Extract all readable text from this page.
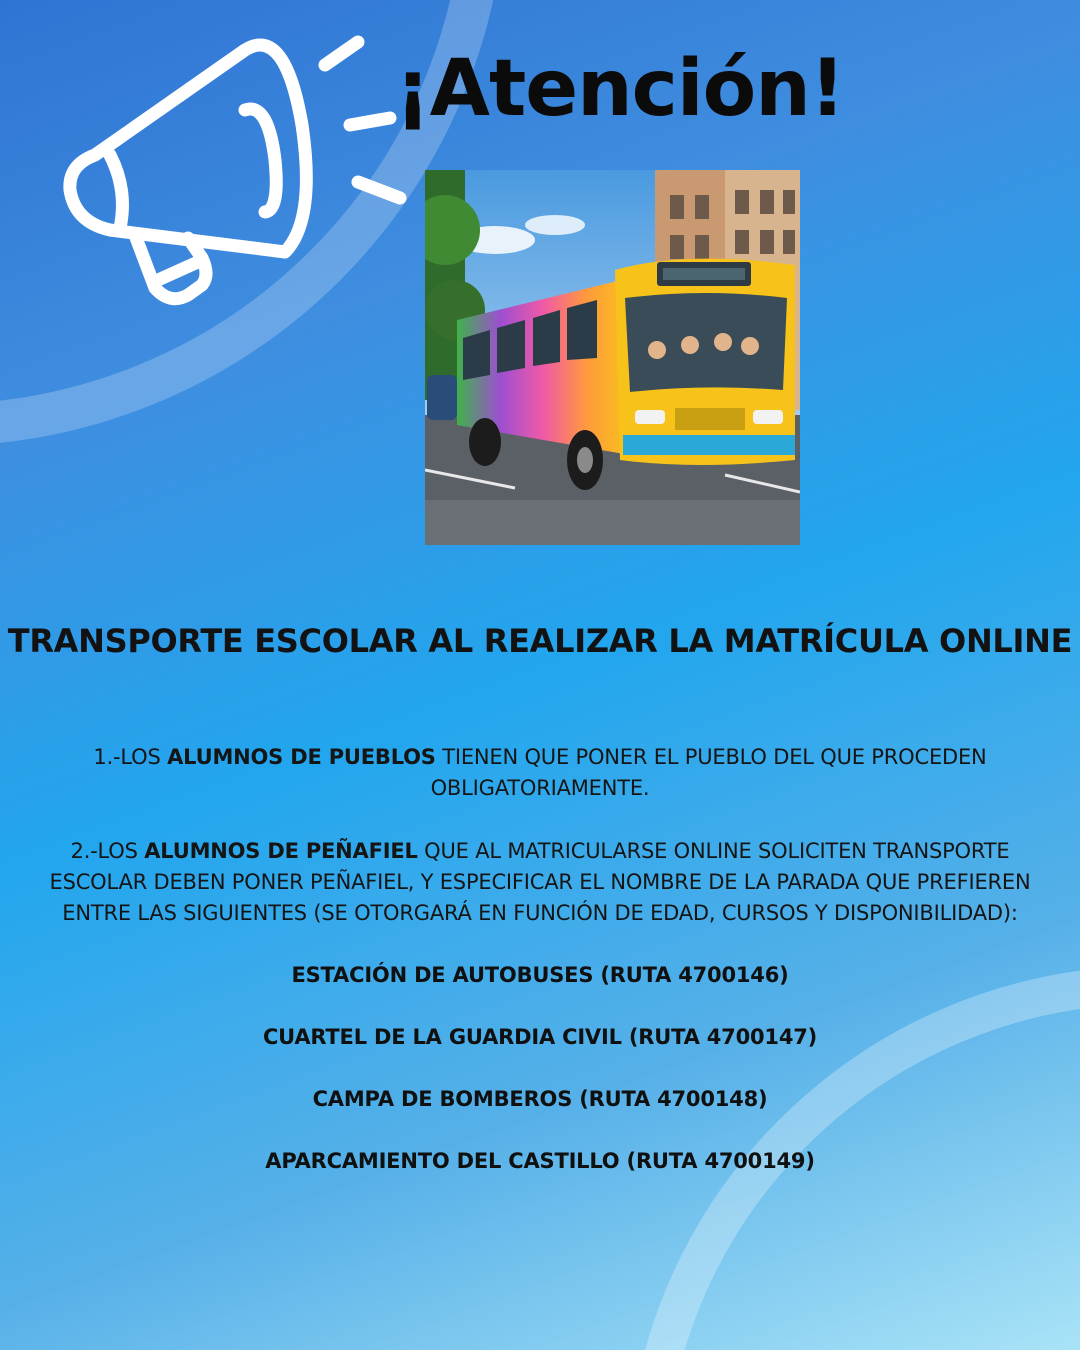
¡Atención!
TRANSPORTE ESCOLAR AL REALIZAR LA MATRÍCULA ONLINE

1.-LOS ALUMNOS DE PUEBLOS TIENEN QUE PONER EL PUEBLO DEL QUE PROCEDEN OBLIGATORIAMENTE.

2.-LOS ALUMNOS DE PEÑAFIEL QUE AL MATRICULARSE ONLINE SOLICITEN TRANSPORTE ESCOLAR DEBEN PONER PEÑAFIEL, Y ESPECIFICAR EL NOMBRE DE LA PARADA QUE PREFIEREN ENTRE LAS SIGUIENTES (SE OTORGARÁ EN FUNCIÓN DE EDAD, CURSOS Y DISPONIBILIDAD):

ESTACIÓN DE AUTOBUSES (RUTA 4700146)
CUARTEL DE LA GUARDIA CIVIL (RUTA 4700147)
CAMPA DE BOMBEROS (RUTA 4700148)
APARCAMIENTO DEL CASTILLO (RUTA 4700149)
